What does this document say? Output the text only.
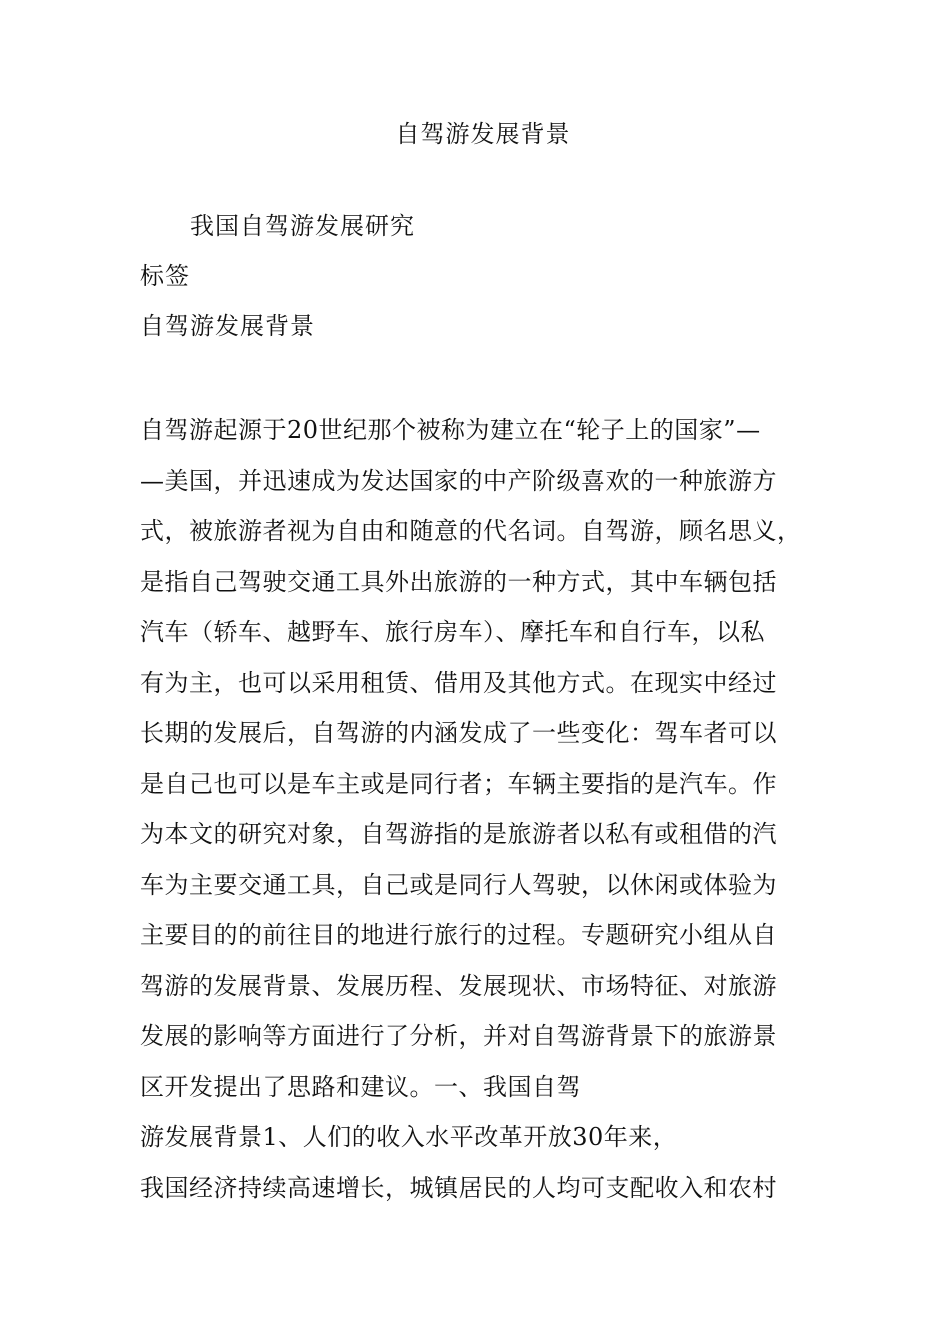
自驾游发展背景
我国自驾游发展研究
标签
自驾游发展背景
自驾游起源于20世纪那个被称为建立在“轮子上的国家”—
—美国，并迅速成为发达国家的中产阶级喜欢的一种旅游方
式，被旅游者视为自由和随意的代名词。自驾游，顾名思义，
是指自己驾驶交通工具外出旅游的一种方式，其中车辆包括
汽车（轿车、越野车、旅行房车）、摩托车和自行车，以私
有为主，也可以采用租赁、借用及其他方式。在现实中经过
长期的发展后，自驾游的内涵发成了一些变化：驾车者可以
是自己也可以是车主或是同行者；车辆主要指的是汽车。作
为本文的研究对象，自驾游指的是旅游者以私有或租借的汽
车为主要交通工具，自己或是同行人驾驶，以休闲或体验为
主要目的的前往目的地进行旅行的过程。专题研究小组从自
驾游的发展背景、发展历程、发展现状、市场特征、对旅游
发展的影响等方面进行了分析，并对自驾游背景下的旅游景
区开发提出了思路和建议。一、我国自驾
游发展背景1、人们的收入水平改革开放30年来，
我国经济持续高速增长，城镇居民的人均可支配收入和农村
